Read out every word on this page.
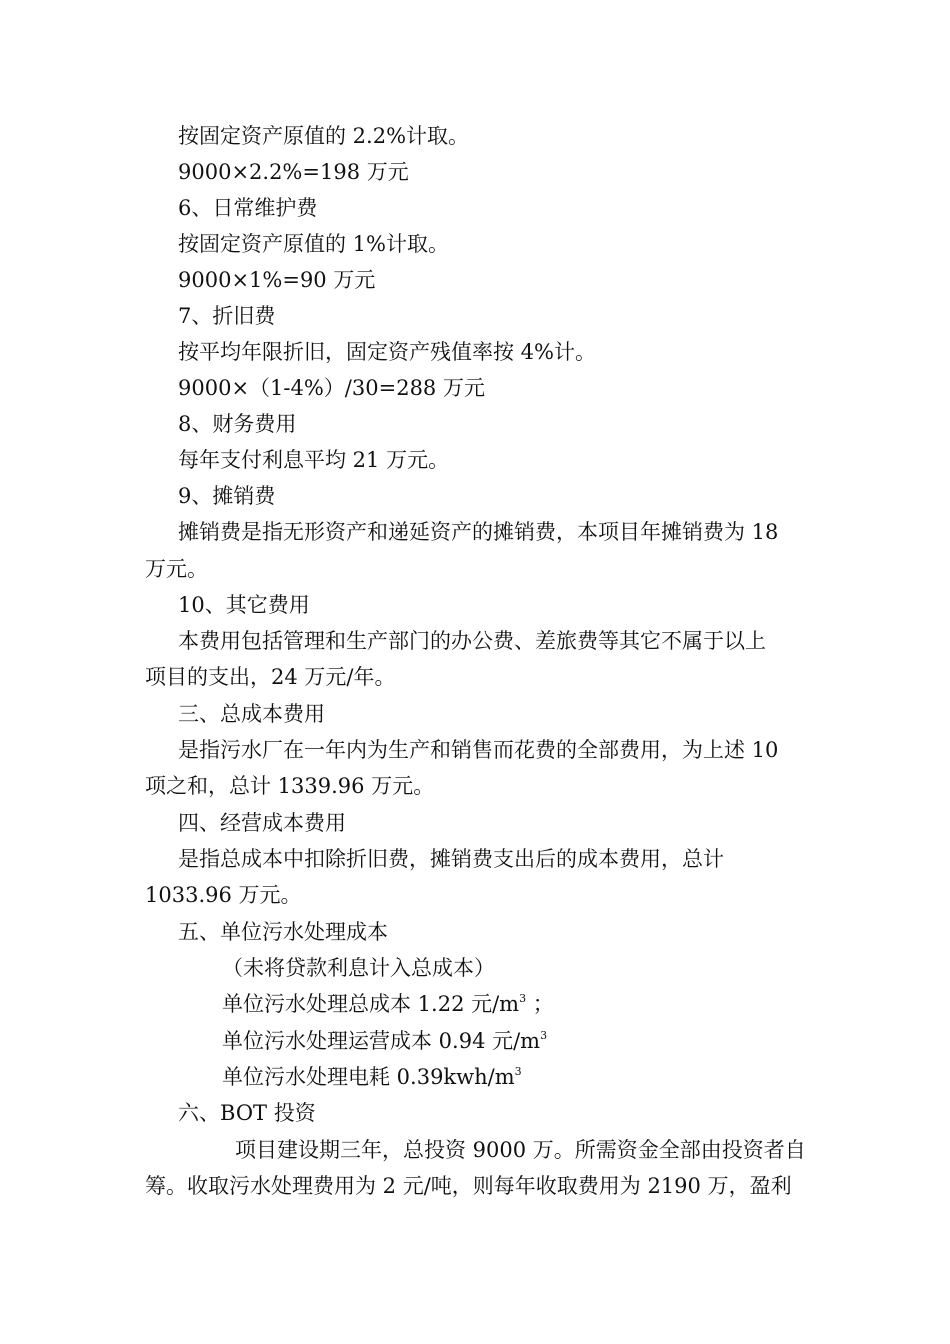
按固定资产原值的 2.2%计取。
9000×2.2%=198 万元
6、日常维护费
按固定资产原值的 1%计取。
9000×1%=90 万元
7、折旧费
按平均年限折旧，固定资产残值率按 4%计。
9000×（1-4%）/30=288 万元
8、财务费用
每年支付利息平均 21 万元。
9、摊销费
摊销费是指无形资产和递延资产的摊销费，本项目年摊销费为 18
万元。
10、其它费用
本费用包括管理和生产部门的办公费、差旅费等其它不属于以上
项目的支出，24 万元/年。
三、总成本费用
是指污水厂在一年内为生产和销售而花费的全部费用，为上述 10
项之和，总计 1339.96 万元。
四、经营成本费用
是指总成本中扣除折旧费，摊销费支出后的成本费用，总计
1033.96 万元。
五、单位污水处理成本
（未将贷款利息计入总成本）
单位污水处理总成本 1.22 元$/m^3$ ；
单位污水处理运营成本 0.94 元$/m^3$
单位污水处理电耗 $0.39kwh/m^3$
六、BOT 投资
项目建设期三年，总投资 9000 万。所需资金全部由投资者自
筹。收取污水处理费用为 2 元/吨，则每年收取费用为 2190 万，盈利
